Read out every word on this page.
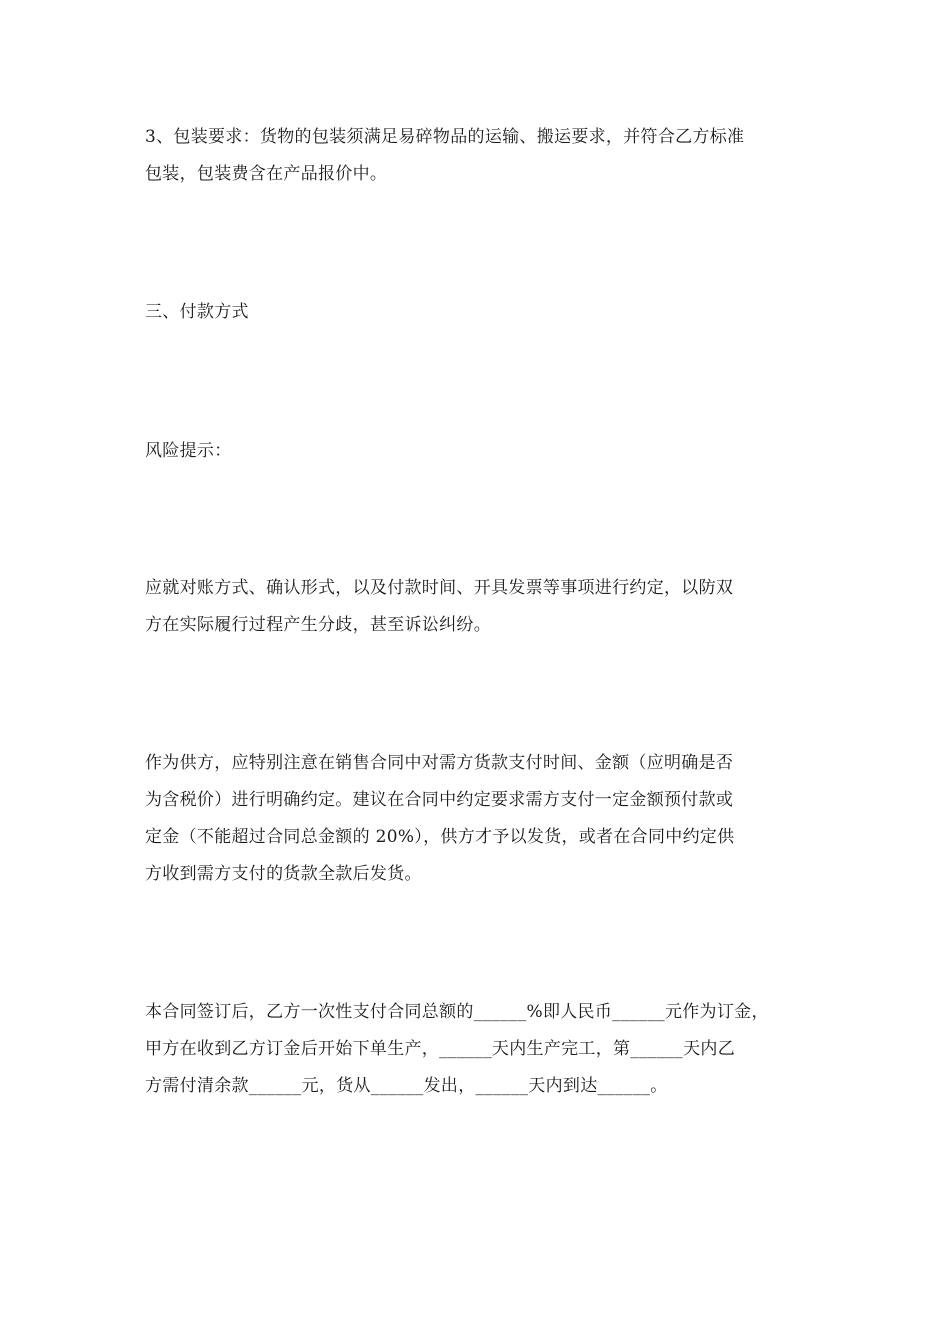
3、包装要求：货物的包装须满足易碎物品的运输、搬运要求，并符合乙方标准
包装，包装费含在产品报价中。
三、付款方式
风险提示：
应就对账方式、确认形式，以及付款时间、开具发票等事项进行约定，以防双
方在实际履行过程产生分歧，甚至诉讼纠纷。
作为供方，应特别注意在销售合同中对需方货款支付时间、金额（应明确是否
为含税价）进行明确约定。建议在合同中约定要求需方支付一定金额预付款或
定金（不能超过合同总金额的 20%），供方才予以发货，或者在合同中约定供
方收到需方支付的货款全款后发货。
本合同签订后，乙方一次性支付合同总额的______%即人民币______元作为订金，
甲方在收到乙方订金后开始下单生产，______天内生产完工，第______天内乙
方需付清余款______元，货从______发出，______天内到达______。
